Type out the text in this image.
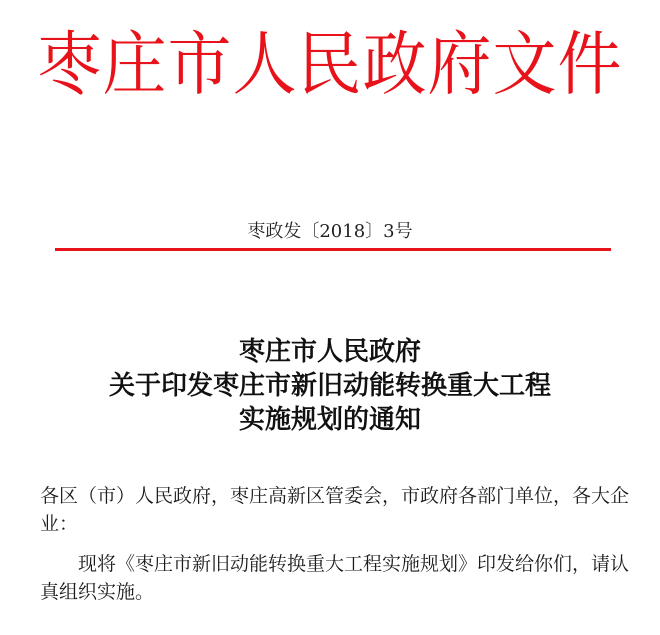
枣庄市人民政府文件
枣政发〔2018〕3号
枣庄市人民政府
关于印发枣庄市新旧动能转换重大工程
实施规划的通知

各区（市）人民政府，枣庄高新区管委会，市政府各部门单位，各大企业：

现将《枣庄市新旧动能转换重大工程实施规划》印发给你们，请认真组织实施。
